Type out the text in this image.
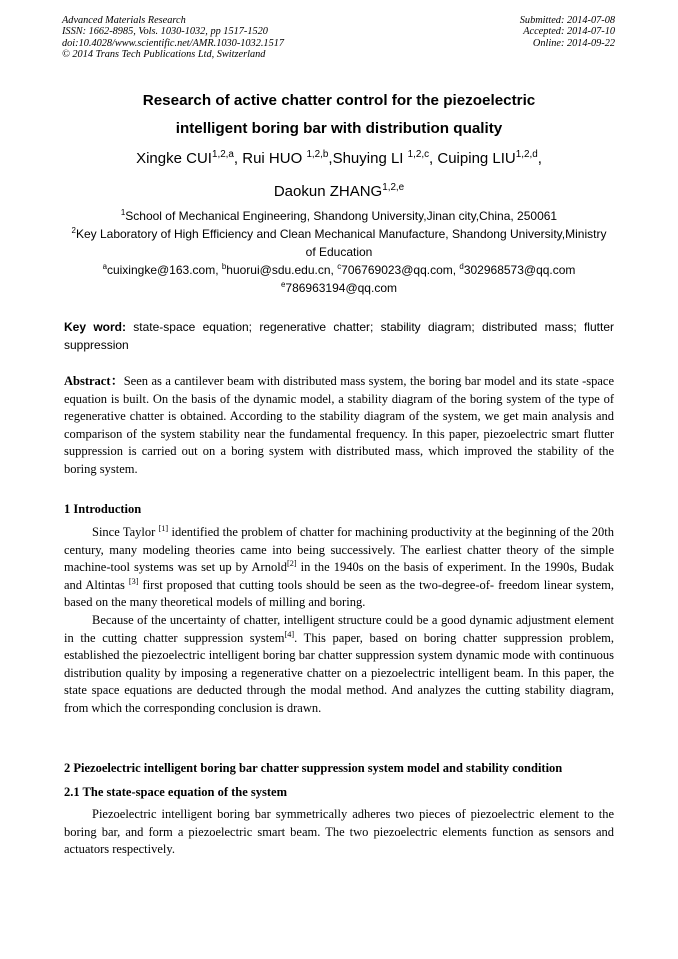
Advanced Materials Research
ISSN: 1662-8985, Vols. 1030-1032, pp 1517-1520
doi:10.4028/www.scientific.net/AMR.1030-1032.1517
© 2014 Trans Tech Publications Ltd, Switzerland
Submitted: 2014-07-08
Accepted: 2014-07-10
Online: 2014-09-22
Research of active chatter control for the piezoelectric
intelligent boring bar with distribution quality
Xingke CUI$^{1,2,a}$, Rui HUO $^{1,2,b}$,Shuying LI $^{1,2,c}$, Cuiping LIU$^{1,2,d}$,
Daokun ZHANG$^{1,2,e}$
$^1$School of Mechanical Engineering, Shandong University,Jinan city,China, 250061
$^2$Key Laboratory of High Efficiency and Clean Mechanical Manufacture, Shandong University,Ministry of Education
$^a$cuixingke@163.com, $^b$huorui@sdu.edu.cn, $^c$706769023@qq.com, $^d$302968573@qq.com
$^e$786963194@qq.com
Key word: state-space equation; regenerative chatter; stability diagram; distributed mass; flutter suppression
Abstract：Seen as a cantilever beam with distributed mass system, the boring bar model and its state -space equation is built. On the basis of the dynamic model, a stability diagram of the boring system of the type of regenerative chatter is obtained. According to the stability diagram of the system, we get main analysis and comparison of the system stability near the fundamental frequency. In this paper, piezoelectric smart flutter suppression is carried out on a boring system with distributed mass, which improved the stability of the boring system.
1 Introduction

Since Taylor [1] identified the problem of chatter for machining productivity at the beginning of the 20th century, many modeling theories came into being successively. The earliest chatter theory of the simple machine-tool systems was set up by Arnold[2] in the 1940s on the basis of experiment. In the 1990s, Budak and Altintas [3] first proposed that cutting tools should be seen as the two-degree-of- freedom linear system, based on the many theoretical models of milling and boring.

Because of the uncertainty of chatter, intelligent structure could be a good dynamic adjustment element in the cutting chatter suppression system[4]. This paper, based on boring chatter suppression problem, established the piezoelectric intelligent boring bar chatter suppression system dynamic mode with continuous distribution quality by imposing a regenerative chatter on a piezoelectric intelligent beam. In this paper, the state space equations are deducted through the modal method. And analyzes the cutting stability diagram, from which the corresponding conclusion is drawn.

2 Piezoelectric intelligent boring bar chatter suppression system model and stability condition
2.1 The state-space equation of the system

Piezoelectric intelligent boring bar symmetrically adheres two pieces of piezoelectric element to the boring bar, and form a piezoelectric smart beam. The two piezoelectric elements function as sensors and actuators respectively.
